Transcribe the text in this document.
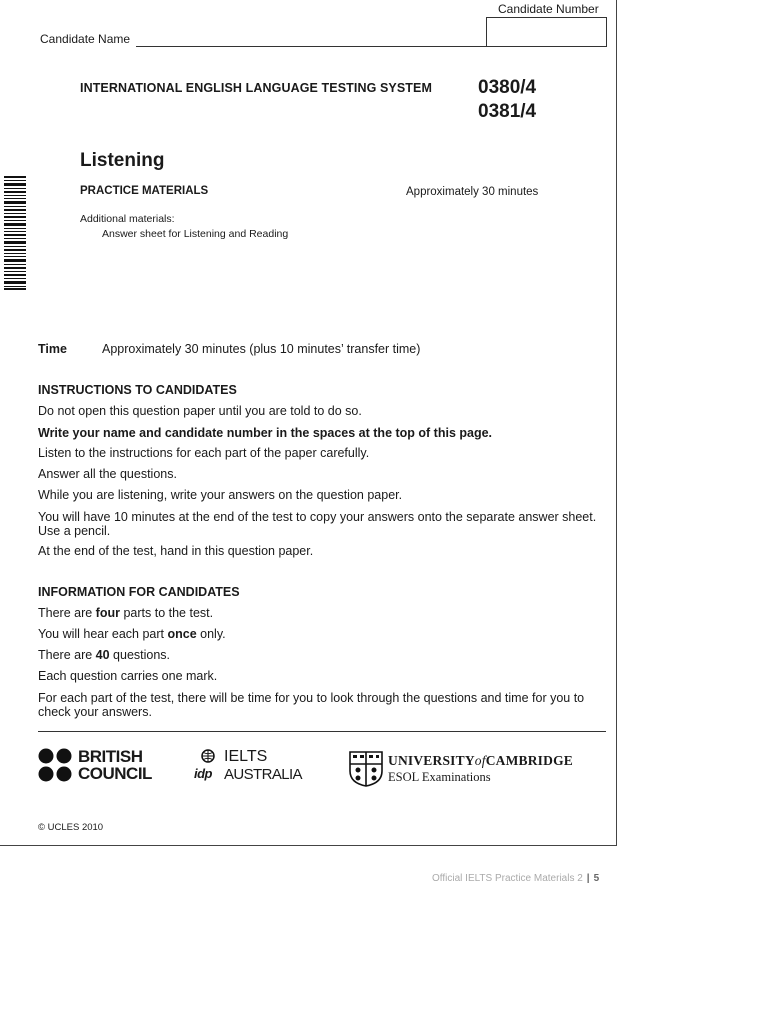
Candidate Number
Candidate Name
INTERNATIONAL ENGLISH LANGUAGE TESTING SYSTEM 0380/4
0381/4
Listening
PRACTICE MATERIALS	Approximately 30 minutes
Additional materials:
Answer sheet for Listening and Reading
Time	Approximately 30 minutes (plus 10 minutes’ transfer time)
INSTRUCTIONS TO CANDIDATES
Do not open this question paper until you are told to do so.
Write your name and candidate number in the spaces at the top of this page.
Listen to the instructions for each part of the paper carefully.
Answer all the questions.
While you are listening, write your answers on the question paper.
You will have 10 minutes at the end of the test to copy your answers onto the separate answer sheet. Use a pencil.
At the end of the test, hand in this question paper.
INFORMATION FOR CANDIDATES
There are four parts to the test.
You will hear each part once only.
There are 40 questions.
Each question carries one mark.
For each part of the test, there will be time for you to look through the questions and time for you to check your answers.
BRITISH
COUNCIL
IELTS
idp AUSTRALIA
UNIVERSITYofCAMBRIDGE
ESOL Examinations
© UCLES 2010
Official IELTS Practice Materials 2 | 5
